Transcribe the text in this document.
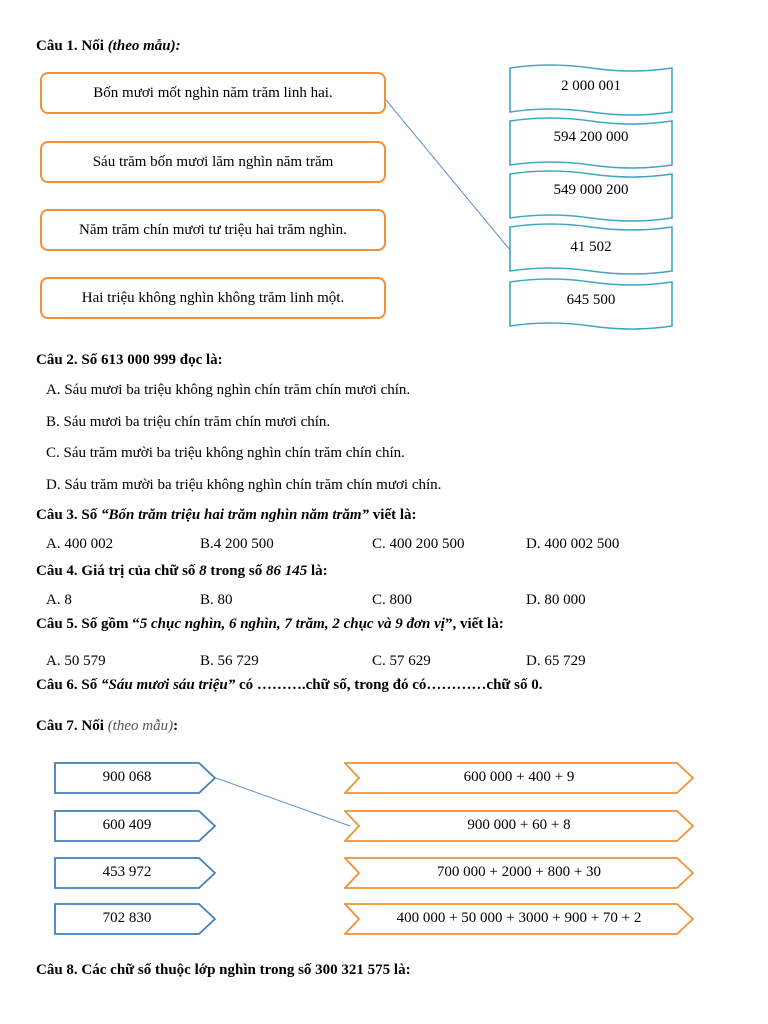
Câu 1. Nối (theo mẫu):
Bốn mươi mốt nghìn năm trăm linh hai.
Sáu trăm bốn mươi lăm nghìn năm trăm
Năm trăm chín mươi tư triệu hai trăm nghìn.
Hai triệu không nghìn không trăm linh một.
2 000 001
594 200 000
549 000 200
41 502
645 500
Câu 2. Số 613 000 999 đọc là:
A. Sáu mươi ba triệu không nghìn chín trăm chín mươi chín.
B. Sáu mươi ba triệu chín trăm chín mươi chín.
C. Sáu trăm mười ba triệu không nghìn chín trăm chín chín.
D. Sáu trăm mười ba triệu không nghìn chín trăm chín mươi chín.
Câu 3. Số “Bốn trăm triệu hai trăm nghìn năm trăm” viết là:
A. 400 002	B.4 200 500	C. 400 200 500	D. 400 002 500
Câu 4. Giá trị của chữ số 8 trong số 86 145 là:
A. 8	B. 80	C. 800	D. 80 000
Câu 5. Số gồm “5 chục nghìn, 6 nghìn, 7 trăm, 2 chục và 9 đơn vị”, viết là:
A. 50 579	B. 56 729	C. 57 629	D. 65 729
Câu 6. Số “Sáu mươi sáu triệu” có ……….chữ số, trong đó có…………chữ số 0.
Câu 7. Nối (theo mẫu):
900 068
600 409
453 972
702 830
600 000 + 400 + 9
900 000 + 60 + 8
700 000 + 2000 + 800 + 30
400 000 + 50 000 + 3000 + 900 + 70 + 2
Câu 8. Các chữ số thuộc lớp nghìn trong số 300 321 575 là:
